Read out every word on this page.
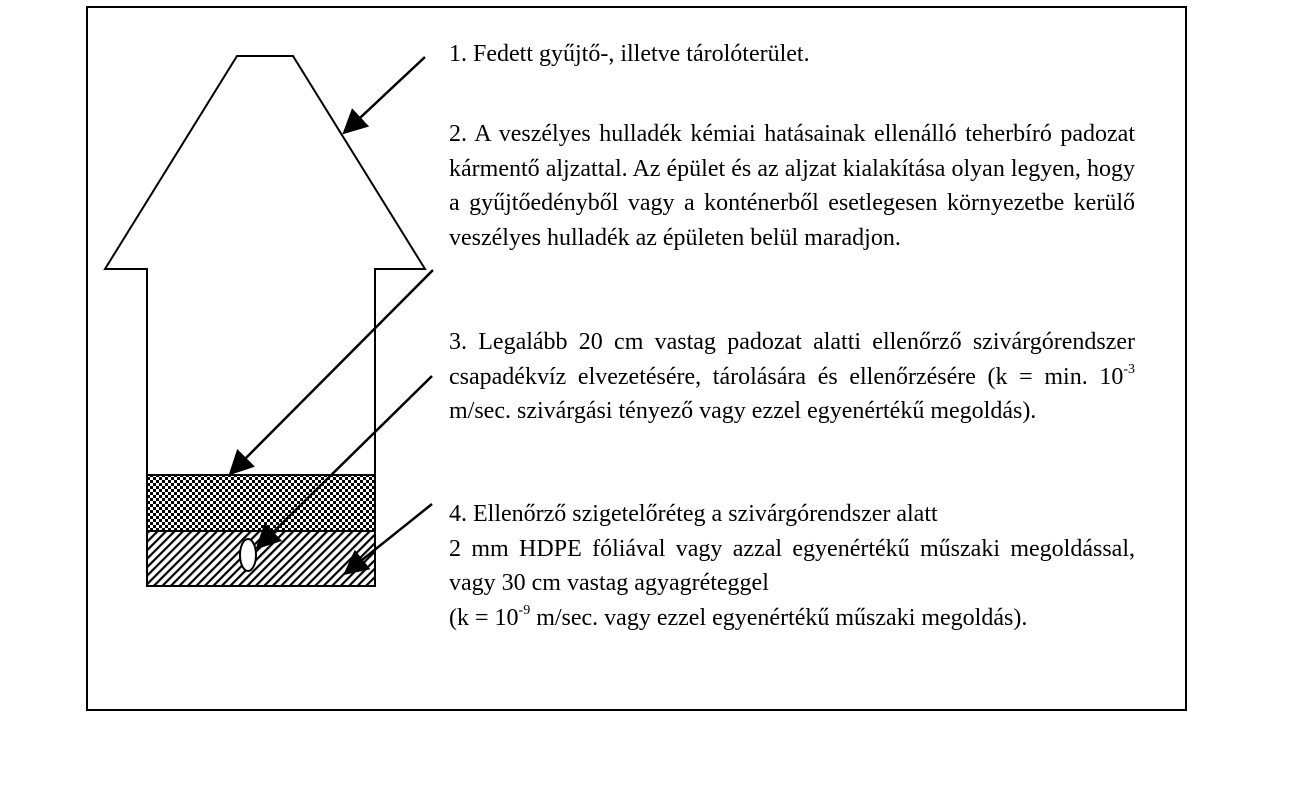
1. Fedett gyűjtő-, illetve tárolóterület.

2. A veszélyes hulladék kémiai hatásainak ellenálló teherbíró padozat kármentő aljzattal. Az épület és az aljzat kialakítása olyan legyen, hogy a gyűjtőedényből vagy a konténerből esetlegesen környezetbe kerülő veszélyes hulladék az épületen belül maradjon.

3. Legalább 20 cm vastag padozat alatti ellenőrző szivárgórendszer csapadékvíz elvezetésére, tárolására és ellenőrzésére (k = min. $10^{-3}$ m/sec. szivárgási tényező vagy ezzel egyenértékű megoldás).

4. Ellenőrző szigetelőréteg a szivárgórendszer alatt

2 mm HDPE fóliával vagy azzal egyenértékű műszaki megoldással, vagy 30 cm vastag agyagréteggel

($k = 10^{-9}$ m/sec. vagy ezzel egyenértékű műszaki megoldás).
